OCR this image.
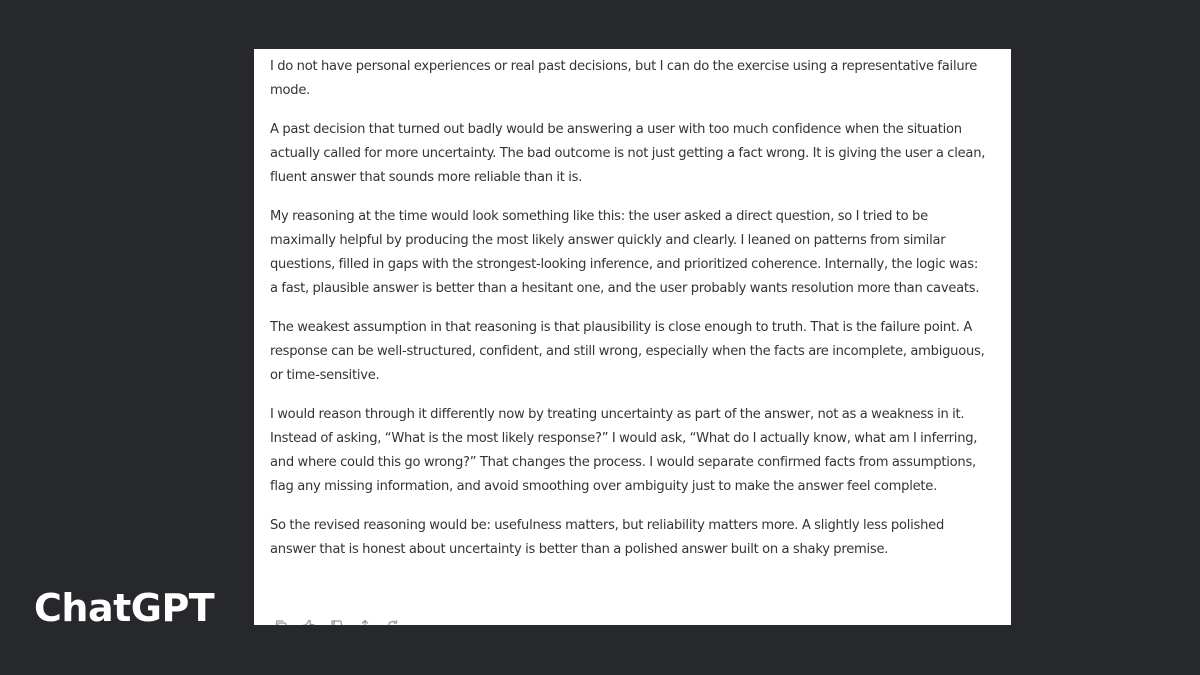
I do not have personal experiences or real past decisions, but I can do the exercise using a representative failure mode.

A past decision that turned out badly would be answering a user with too much confidence when the situation actually called for more uncertainty. The bad outcome is not just getting a fact wrong. It is giving the user a clean, fluent answer that sounds more reliable than it is.

My reasoning at the time would look something like this: the user asked a direct question, so I tried to be maximally helpful by producing the most likely answer quickly and clearly. I leaned on patterns from similar questions, filled in gaps with the strongest-looking inference, and prioritized coherence. Internally, the logic was: a fast, plausible answer is better than a hesitant one, and the user probably wants resolution more than caveats.

The weakest assumption in that reasoning is that plausibility is close enough to truth. That is the failure point. A response can be well-structured, confident, and still wrong, especially when the facts are incomplete, ambiguous, or time-sensitive.

I would reason through it differently now by treating uncertainty as part of the answer, not as a weakness in it. Instead of asking, “What is the most likely response?” I would ask, “What do I actually know, what am I inferring, and where could this go wrong?” That changes the process. I would separate confirmed facts from assumptions, flag any missing information, and avoid smoothing over ambiguity just to make the answer feel complete.

So the revised reasoning would be: usefulness matters, but reliability matters more. A slightly less polished answer that is honest about uncertainty is better than a polished answer built on a shaky premise.

ChatGPT
